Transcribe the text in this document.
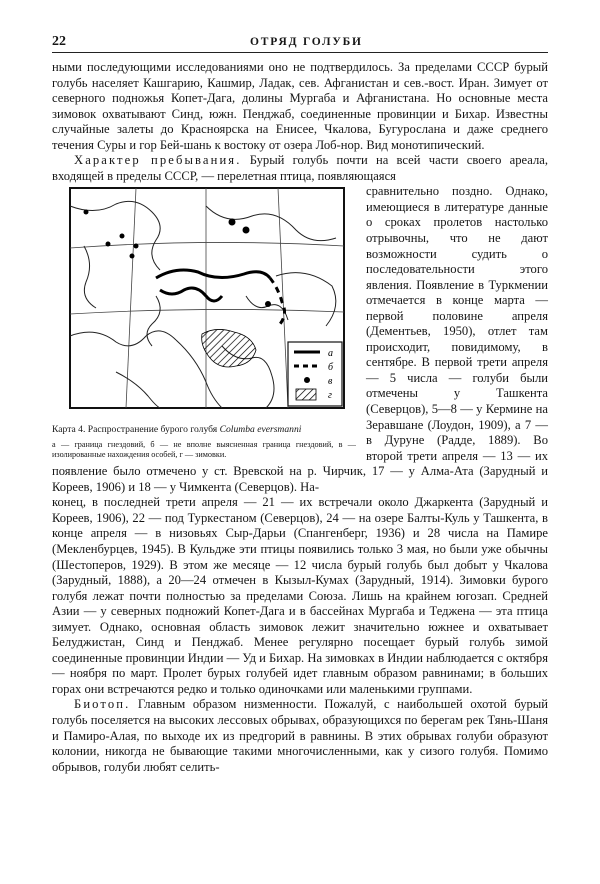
22	ОТРЯД ГОЛУБИ

ными последующими исследованиями оно не подтвердилось. За пределами СССР бурый голубь населяет Кашгарию, Кашмир, Ладак, сев. Афганистан и сев.-вост. Иран. Зимует от северного подножья Копет-Дага, долины Мургаба и Афганистана. Но основные места зимовок охватывают Синд, южн. Пенджаб, соединенные провинции и Бихар. Известны случайные залеты до Красноярска на Енисее, Чкалова, Бугурослана и даже среднего течения Суры и гор Бей-шань к востоку от озера Лоб-нор. Вид монотипический.

Характер пребывания. Бурый голубь почти на всей части своего ареала, входящей в пределы СССР, — перелетная птица, появляющаяся

а
б
в
г
Карта 4. Распространение бурого голубя Columba eversmanni
а — граница гнездовий, б — не вполне выясненная граница гнездовий, в — изолированные нахождения особей, г — зимовки.

сравнительно поздно. Однако, имеющиеся в литературе данные о сроках пролетов настолько отрывочны, что не дают возможности судить о последовательности этого явления. Появление в Туркмении отмечается в конце марта — первой половине апреля (Дементьев, 1950), отлет там происходит, повидимому, в сентябре. В первой трети апреля — 5 числа — голуби были отмечены у Ташкента (Северцов), 5—8 — у Кермине на Зеравшане (Лоудон, 1909), а 7 — в Дуруне (Радде, 1889). Во второй трети апреля — 13 — их появление было отмечено у ст. Вревской на р. Чирчик, 17 — у Алма-Ата (Зарудный и Кореев, 1906) и 18 — у Чимкента (Северцов). На-

конец, в последней трети апреля — 21 — их встречали около Джаркента (Зарудный и Кореев, 1906), 22 — под Туркестаном (Северцов), 24 — на озере Балты-Куль у Ташкента, в конце апреля — в низовьях Сыр-Дарьи (Спангенберг, 1936) и 28 числа на Памире (Мекленбурцев, 1945). В Кульдже эти птицы появились только 3 мая, но были уже обычны (Шестоперов, 1929). В этом же месяце — 12 числа бурый голубь был добыт у Чкалова (Зарудный, 1888), а 20—24 отмечен в Кызыл-Кумах (Зарудный, 1914). Зимовки бурого голубя лежат почти полностью за пределами Союза. Лишь на крайнем югозап. Средней Азии — у северных подножий Копет-Дага и в бассейнах Мургаба и Теджена — эта птица зимует. Однако, основная область зимовок лежит значительно южнее и охватывает Белуджистан, Синд и Пенджаб. Менее регулярно посещает бурый голубь зимой соединенные провинции Индии — Уд и Бихар. На зимовках в Индии наблюдается с октября — ноября по март. Пролет бурых голубей идет главным образом равнинами; в больших горах они встречаются редко и только одиночками или маленькими группами.

Биотоп. Главным образом низменности. Пожалуй, с наибольшей охотой бурый голубь поселяется на высоких лессовых обрывах, образующихся по берегам рек Тянь-Шаня и Памиро-Алая, по выходе их из предгорий в равнины. В этих обрывах голуби образуют колонии, никогда не бывающие такими многочисленными, как у сизого голубя. Помимо обрывов, голуби любят селить-
